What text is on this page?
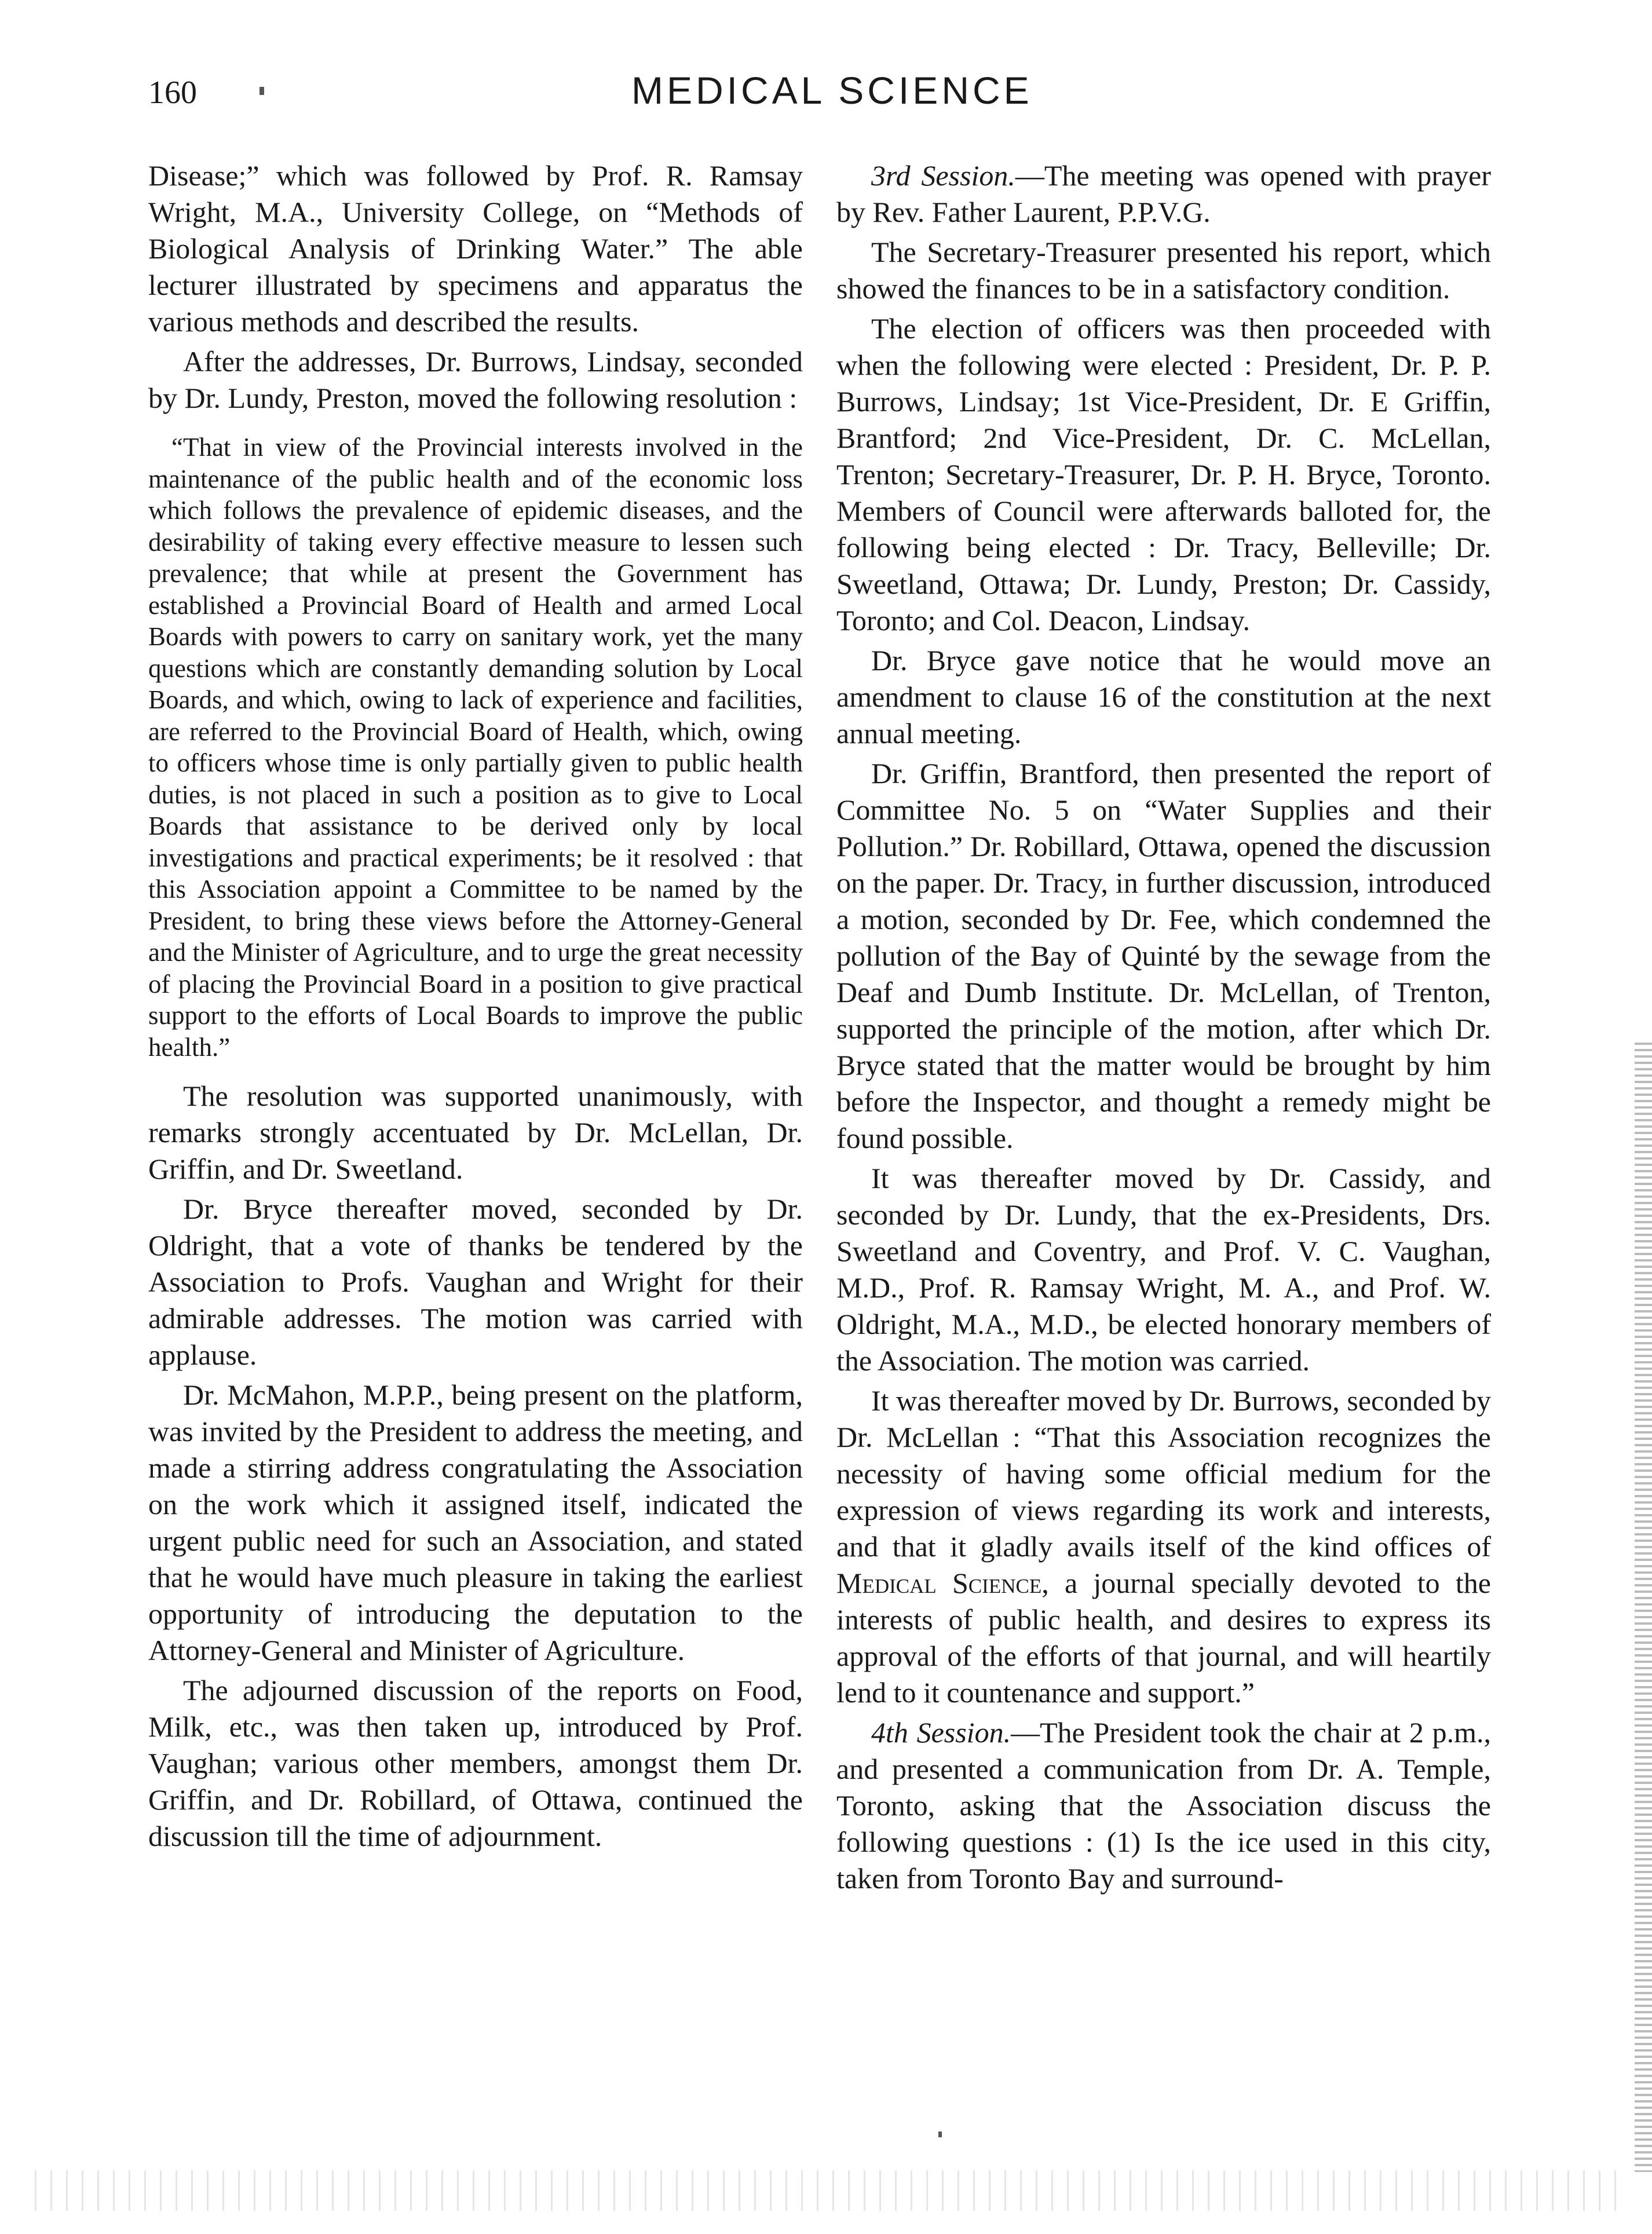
160	MEDICAL SCIENCE

Disease;” which was followed by Prof. R. Ramsay Wright, M.A., University College, on “Methods of Biological Analysis of Drinking Water.” The able lecturer illustrated by specimens and apparatus the various methods and described the results.

After the addresses, Dr. Burrows, Lindsay, seconded by Dr. Lundy, Preston, moved the following resolution :

“That in view of the Provincial interests involved in the maintenance of the public health and of the economic loss which follows the prevalence of epidemic diseases, and the desirability of taking every effective measure to lessen such prevalence; that while at present the Government has established a Provincial Board of Health and armed Local Boards with powers to carry on sanitary work, yet the many questions which are constantly demanding solution by Local Boards, and which, owing to lack of experience and facilities, are referred to the Provincial Board of Health, which, owing to officers whose time is only partially given to public health duties, is not placed in such a position as to give to Local Boards that assistance to be derived only by local investigations and practical experiments; be it resolved : that this Association appoint a Committee to be named by the President, to bring these views before the Attorney-General and the Minister of Agriculture, and to urge the great necessity of placing the Provincial Board in a position to give practical support to the efforts of Local Boards to improve the public health.”

The resolution was supported unanimously, with remarks strongly accentuated by Dr. McLellan, Dr. Griffin, and Dr. Sweetland.

Dr. Bryce thereafter moved, seconded by Dr. Oldright, that a vote of thanks be tendered by the Association to Profs. Vaughan and Wright for their admirable addresses. The motion was carried with applause.

Dr. McMahon, M.P.P., being present on the platform, was invited by the President to address the meeting, and made a stirring address congratulating the Association on the work which it assigned itself, indicated the urgent public need for such an Association, and stated that he would have much pleasure in taking the earliest opportunity of introducing the deputation to the Attorney-General and Minister of Agriculture.

The adjourned discussion of the reports on Food, Milk, etc., was then taken up, introduced by Prof. Vaughan; various other members, amongst them Dr. Griffin, and Dr. Robillard, of Ottawa, continued the discussion till the time of adjournment.

3rd Session.—The meeting was opened with prayer by Rev. Father Laurent, P.P.V.G.

The Secretary-Treasurer presented his report, which showed the finances to be in a satisfactory condition.

The election of officers was then proceeded with when the following were elected : President, Dr. P. P. Burrows, Lindsay; 1st Vice-President, Dr. E Griffin, Brantford; 2nd Vice-President, Dr. C. McLellan, Trenton; Secretary-Treasurer, Dr. P. H. Bryce, Toronto. Members of Council were afterwards balloted for, the following being elected : Dr. Tracy, Belleville; Dr. Sweetland, Ottawa; Dr. Lundy, Preston; Dr. Cassidy, Toronto; and Col. Deacon, Lindsay.

Dr. Bryce gave notice that he would move an amendment to clause 16 of the constitution at the next annual meeting.

Dr. Griffin, Brantford, then presented the report of Committee No. 5 on “Water Supplies and their Pollution.” Dr. Robillard, Ottawa, opened the discussion on the paper. Dr. Tracy, in further discussion, introduced a motion, seconded by Dr. Fee, which condemned the pollution of the Bay of Quinté by the sewage from the Deaf and Dumb Institute. Dr. McLellan, of Trenton, supported the principle of the motion, after which Dr. Bryce stated that the matter would be brought by him before the Inspector, and thought a remedy might be found possible.

It was thereafter moved by Dr. Cassidy, and seconded by Dr. Lundy, that the ex-Presidents, Drs. Sweetland and Coventry, and Prof. V. C. Vaughan, M.D., Prof. R. Ramsay Wright, M. A., and Prof. W. Oldright, M.A., M.D., be elected honorary members of the Association. The motion was carried.

It was thereafter moved by Dr. Burrows, seconded by Dr. McLellan : “That this Association recognizes the necessity of having some official medium for the expression of views regarding its work and interests, and that it gladly avails itself of the kind offices of Medical Science, a journal specially devoted to the interests of public health, and desires to express its approval of the efforts of that journal, and will heartily lend to it countenance and support.”

4th Session.—The President took the chair at 2 p.m., and presented a communication from Dr. A. Temple, Toronto, asking that the Association discuss the following questions : (1) Is the ice used in this city, taken from Toronto Bay and surround-
